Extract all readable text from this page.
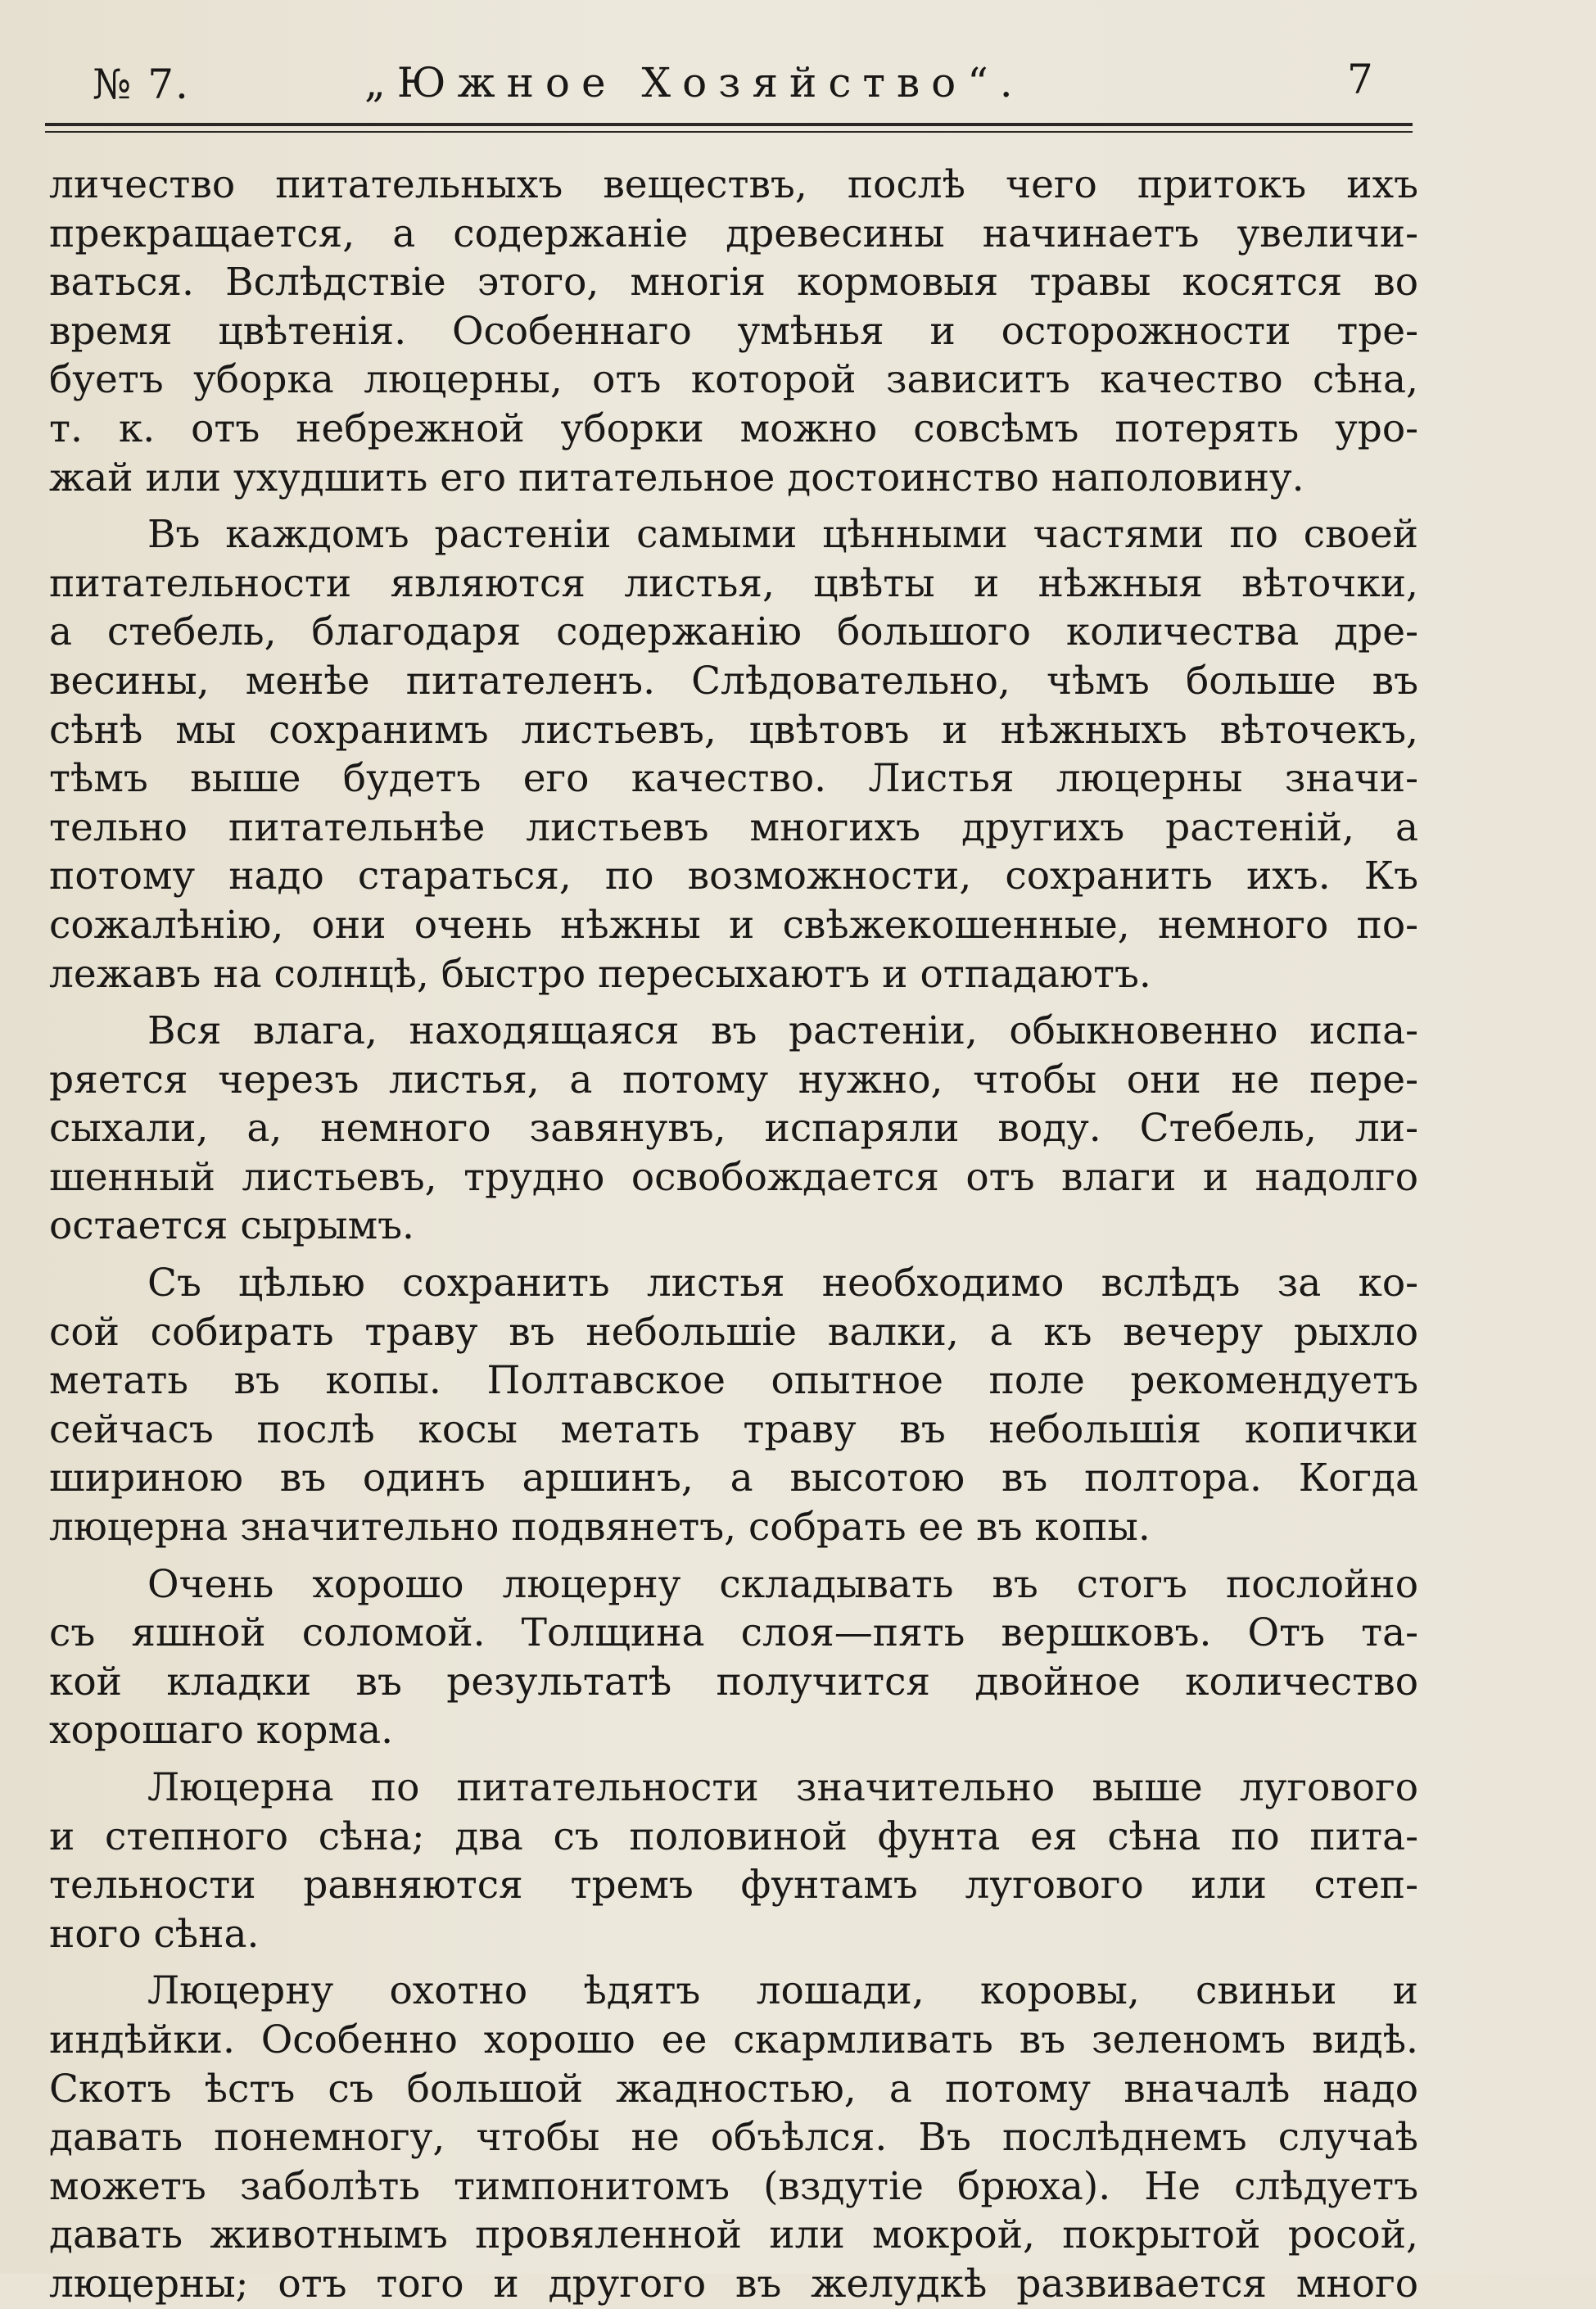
№ 7.	„Южное Хозяйство“.	7
личество питательныхъ веществъ, послѣ чего притокъ ихъ
прекращается, а содержаніе древесины начинаетъ увеличи-
ваться. Вслѣдствіе этого, многія кормовыя травы косятся во
время цвѣтенія. Особеннаго умѣнья и осторожности тре-
буетъ уборка люцерны, отъ которой зависитъ качество сѣна,
т. к. отъ небрежной уборки можно совсѣмъ потерять уро-
жай или ухудшить его питательное достоинство наполовину.
Въ каждомъ растеніи самыми цѣнными частями по своей
питательности являются листья, цвѣты и нѣжныя вѣточки,
а стебель, благодаря содержанію большого количества дре-
весины, менѣе питателенъ. Слѣдовательно, чѣмъ больше въ
сѣнѣ мы сохранимъ листьевъ, цвѣтовъ и нѣжныхъ вѣточекъ,
тѣмъ выше будетъ его качество. Листья люцерны значи-
тельно питательнѣе листьевъ многихъ другихъ растеній, а
потому надо стараться, по возможности, сохранить ихъ. Къ
сожалѣнію, они очень нѣжны и свѣжекошенные, немного по-
лежавъ на солнцѣ, быстро пересыхаютъ и отпадаютъ.
Вся влага, находящаяся въ растеніи, обыкновенно испа-
ряется черезъ листья, а потому нужно, чтобы они не пере-
сыхали, а, немного завянувъ, испаряли воду. Стебель, ли-
шенный листьевъ, трудно освобождается отъ влаги и надолго
остается сырымъ.
Съ цѣлью сохранить листья необходимо вслѣдъ за ко-
сой собирать траву въ небольшіе валки, а къ вечеру рыхло
метать въ копы. Полтавское опытное поле рекомендуетъ
сейчасъ послѣ косы метать траву въ небольшія копички
шириною въ одинъ аршинъ, а высотою въ полтора. Когда
люцерна значительно подвянетъ, собрать ее въ копы.
Очень хорошо люцерну складывать въ стогъ послойно
съ яшной соломой. Толщина слоя—пять вершковъ. Отъ та-
кой кладки въ результатѣ получится двойное количество
хорошаго корма.
Люцерна по питательности значительно выше лугового
и степного сѣна; два съ половиной фунта ея сѣна по пита-
тельности равняются тремъ фунтамъ лугового или степ-
ного сѣна.
Люцерну охотно ѣдятъ лошади, коровы, свиньи и
индѣйки. Особенно хорошо ее скармливать въ зеленомъ видѣ.
Скотъ ѣстъ съ большой жадностью, а потому вначалѣ надо
давать понемногу, чтобы не объѣлся. Въ послѣднемъ случаѣ
можетъ заболѣть тимпонитомъ (вздутіе брюха). Не слѣдуетъ
давать животнымъ провяленной или мокрой, покрытой росой,
люцерны; отъ того и другого въ желудкѣ развивается много
